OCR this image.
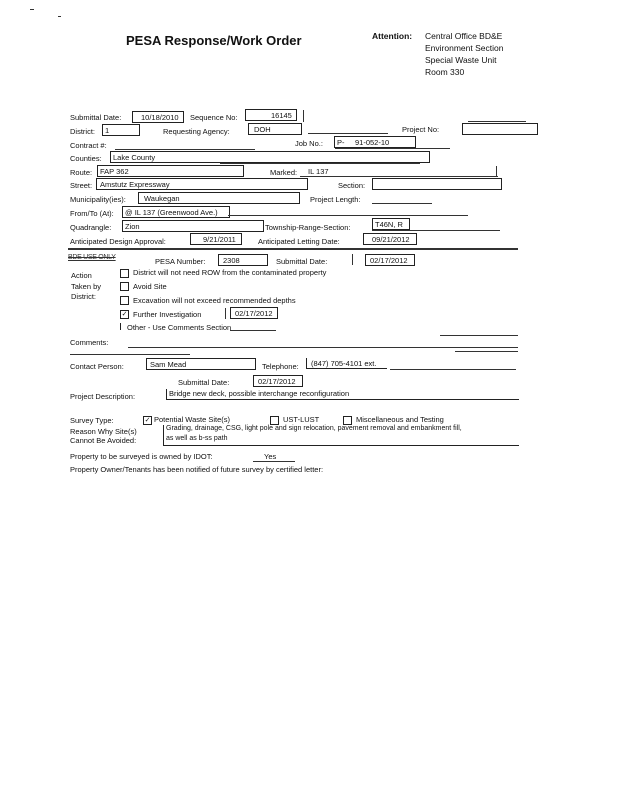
PESA Response/Work Order	Attention: Central Office BD&E
Environment Section
Special Waste Unit
Room 330
Submittal Date:	10/18/2010 Sequence No:	16145
District: 1	Requesting Agency:	DOH	Project No:
Contract #:	Job No.: P- 91-052-10
Counties: Lake County
Route: FAP 362	Marked: IL 137
Street: Amstutz Expressway	Section:
Municipality(ies): Waukegan	Project Length:
From/To (At): @ IL 137 (Greenwood Ave.)
Quadrangle: Zion	Township-Range-Section:	T46N, R
Anticipated Design Approval:	9/21/2011	Anticipated Letting Date:	09/21/2012
BDE USE ONLY	PESA Number: 2308	Submittal Date:	02/17/2012
Action
Taken by
District:
District will not need ROW from the contaminated property
Avoid Site
Excavation will not exceed recommended depths
✓ Further Investigation	02/17/2012
Other - Use Comments Section
Comments:
Contact Person:	Sam Mead	Telephone: (847) 705-4101 ext.
Submittal Date:	02/17/2012
Project Description:	Bridge new deck, possible interchange reconfiguration
Survey Type:	✓ Potential Waste Site(s)	UST-LUST	Miscellaneous and Testing
Reason Why Site(s)
Cannot Be Avoided:
Grading, drainage, CSG, light pole and sign relocation, pavement removal and embankment fill,
as well as b-ss path
Property to be surveyed is owned by IDOT:	Yes
Property Owner/Tenants has been notified of future survey by certified letter:
